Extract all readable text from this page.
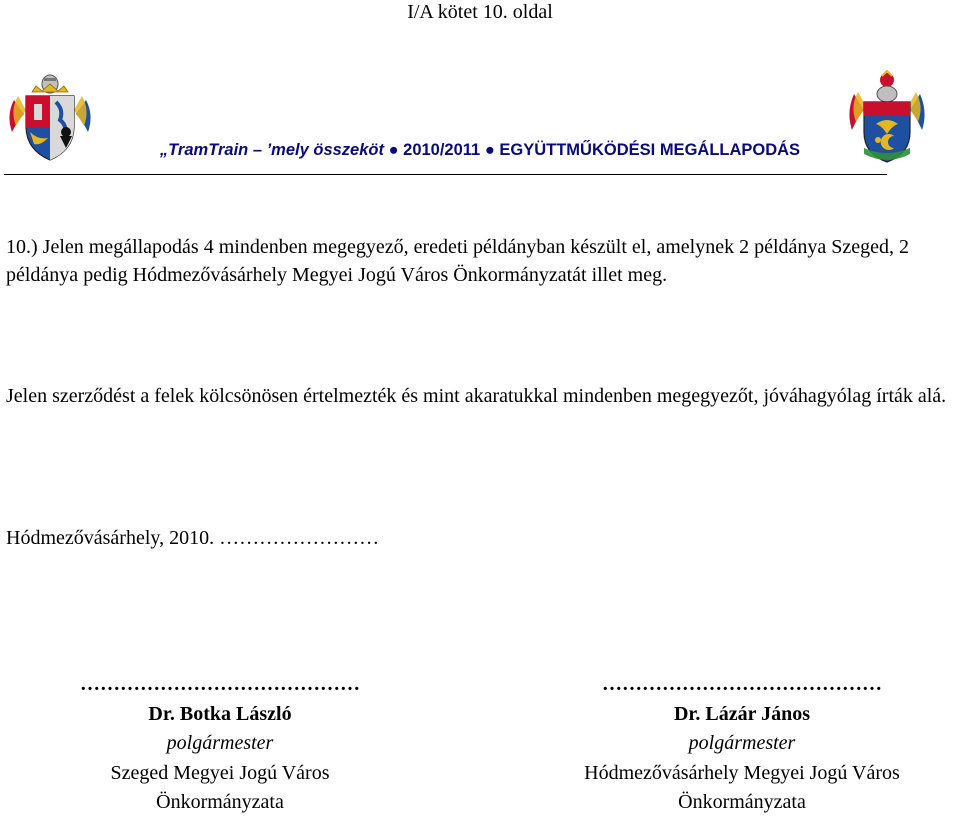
I/A kötet 10. oldal
„TramTrain – ’mely összeköt ● 2010/2011 ● EGYÜTTMŰKÖDÉSI MEGÁLLAPODÁS

10.) Jelen megállapodás 4 mindenben megegyező, eredeti példányban készült el, amelynek 2 példánya Szeged, 2 példánya pedig Hódmezővásárhely Megyei Jogú Város Önkormányzatát illet meg.

Jelen szerződést a felek kölcsönösen értelmezték és mint akaratukkal mindenben megegyezőt, jóváhagyólag írták alá.

Hódmezővásárhely, 2010. ……………………
……………………………………
Dr. Botka László
polgármester
Szeged Megyei Jogú Város
Önkormányzata
……………………………………
Dr. Lázár János
polgármester
Hódmezővásárhely Megyei Jogú Város
Önkormányzata
